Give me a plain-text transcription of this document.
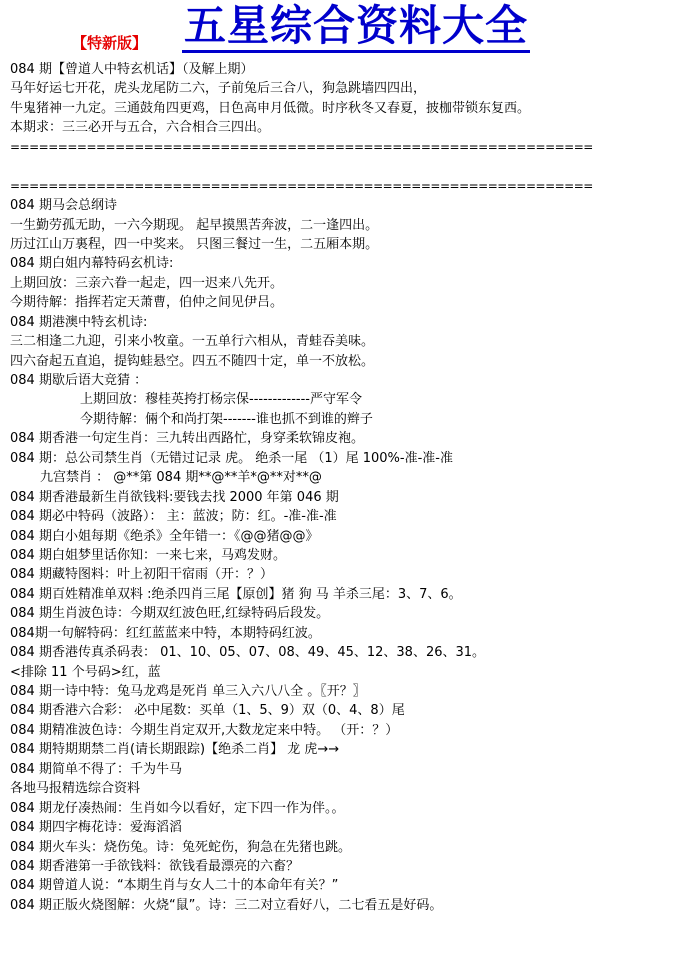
【特新版】 五星综合资料大全
084 期【曾道人中特玄机话】（及解上期）
马年好运七开花，虎头龙尾防二六，子前兔后三合八，狗急跳墙四四出，
牛鬼猪神一九定。三通鼓角四更鸡，日色高申月低微。时序秋冬又春夏，披枷带锁东复西。
本期求：三三必开与五合，六合相合三四出。
=============================================================
=============================================================
084 期马会总纲诗
一生勤劳孤无助，一六今期现。 起早摸黑苦奔波，二一逢四出。
历过江山万裏程，四一中奖来。 只图三餐过一生，二五厢本期。
084 期白姐内幕特码玄机诗:
上期回放：三亲六眷一起走，四一迟来八先开。
今期待解：指挥若定天萧曹，伯仲之间见伊吕。
084 期港澳中特玄机诗:
三二相逢二九迎，引来小牧童。一五单行六相从，青蛙吞美味。
四六奋起五直追，提钩蛙悬空。四五不随四十定，单一不放松。
084 期歇后语大竞猜 ：
上期回放：穆桂英挎打杨宗保-------------严守军令
今期待解：倆个和尚打架-------谁也抓不到谁的辫子
084 期香港一句定生肖：三九转出西路忙，身穿柔软锦皮袍。
084 期：总公司禁生肖（无错过记录 虎。 绝杀一尾 （1）尾 100%-准-准-准
九宫禁肖 ： @**第 084 期**@**羊*@**对**@
084 期香港最新生肖欲钱料:要钱去找 2000 年第 046 期
084 期必中特码（波路）： 主：蓝波；防：红。-准-准-准
084 期白小姐每期《绝杀》全年错一：《@@猪@@》
084 期白姐梦里话你知：一来七来，马鸡发财。
084 期藏特图料：叶上初阳干宿雨（开：？）
084 期百姓精准单双料 :绝杀四肖三尾【原创】猪 狗 马 羊杀三尾：3、7、6。
084 期生肖波色诗：今期双红波色旺,红绿特码后段发。
084期一句解特码：红红蓝蓝来中特，本期特码红波。
084 期香港传真杀码表： 01、10、05、07、08、49、45、12、38、26、31。
<排除 11 个号码>红，蓝
084 期一诗中特：兔马龙鸡是死肖 单三入六八八全 。〖开？〗
084 期香港六合彩： 必中尾数：买单（1、5、9）双（0、4、8）尾
084 期精准波色诗：今期生肖定双开,大数龙定来中特。 （开：？）
084 期特期期禁二肖(请长期跟踪)【绝杀二肖】 龙 虎→→
084 期简单不得了：千为牛马
各地马报精选综合资料
084 期龙仔凑热闹：生肖如今以看好，定下四一作为伴。。
084 期四字梅花诗：爱海滔滔
084 期火车头：烧伤兔。诗：兔死蛇伤，狗急在先猪也跳。
084 期香港第一手欲钱料：欲钱看最漂亮的六畜？
084 期曾道人说：“本期生肖与女人二十的本命年有关？”
084 期正版火烧图解：火烧“鼠”。诗：三二对立看好八，二七看五是好码。
